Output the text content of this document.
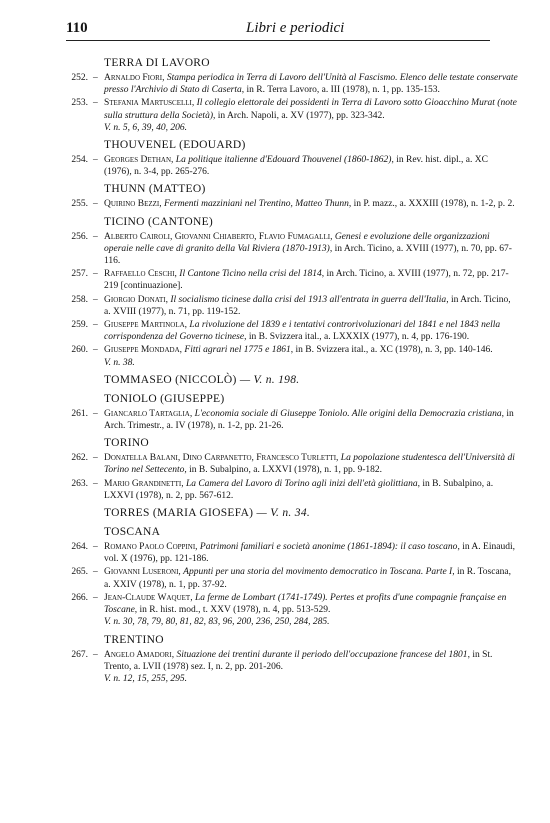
110	Libri e periodici
TERRA DI LAVORO
252. – Arnaldo Fiori, Stampa periodica in Terra di Lavoro dell'Unità al Fascismo. Elenco delle testate conservate presso l'Archivio di Stato di Caserta, in R. Terra Lavoro, a. III (1978), n. 1, pp. 135-153.
253. – Stefania Martuscelli, Il collegio elettorale dei possidenti in Terra di Lavoro sotto Gioacchino Murat (note sulla struttura della Società), in Arch. Napoli, a. XV (1977), pp. 323-342.
V. n. 5, 6, 39, 40, 206.
THOUVENEL (EDOUARD)
254. – Georges Dethan, La politique italienne d'Edouard Thouvenel (1860-1862), in Rev. hist. dipl., a. XC (1976), n. 3-4, pp. 265-276.
THUNN (MATTEO)
255. – Quirino Bezzi, Fermenti mazziniani nel Trentino, Matteo Thunn, in P. mazz., a. XXXIII (1978), n. 1-2, p. 2.
TICINO (CANTONE)
256. – Alberto Cairoli, Giovanni Chiaberto, Flavio Fumagalli, Genesi e evoluzione delle organizzazioni operaie nelle cave di granito della Val Riviera (1870-1913), in Arch. Ticino, a. XVIII (1977), n. 70, pp. 67-116.
257. – Raffaello Ceschi, Il Cantone Ticino nella crisi del 1814, in Arch. Ticino, a. XVIII (1977), n. 72, pp. 217-219 [continuazione].
258. – Giorgio Donati, Il socialismo ticinese dalla crisi del 1913 all'entrata in guerra dell'Italia, in Arch. Ticino, a. XVIII (1977), n. 71, pp. 119-152.
259. – Giuseppe Martinola, La rivoluzione del 1839 e i tentativi controrivoluzionari del 1841 e nel 1843 nella corrispondenza del Governo ticinese, in B. Svizzera ital., a. LXXXIX (1977), n. 4, pp. 176-190.
260. – Giuseppe Mondada, Fitti agrari nel 1775 e 1861, in B. Svizzera ital., a. XC (1978), n. 3, pp. 140-146.
V. n. 38.
TOMMASEO (NICCOLÒ) — V. n. 198.
TONIOLO (GIUSEPPE)
261. – Giancarlo Tartaglia, L'economia sociale di Giuseppe Toniolo. Alle origini della Democrazia cristiana, in Arch. Trimestr., a. IV (1978), n. 1-2, pp. 21-26.
TORINO
262. – Donatella Balani, Dino Carpanetto, Francesco Turletti, La popolazione studentesca dell'Università di Torino nel Settecento, in B. Subalpino, a. LXXVI (1978), n. 1, pp. 9-182.
263. – Mario Grandinetti, La Camera del Lavoro di Torino agli inizi dell'età giolittiana, in B. Subalpino, a. LXXVI (1978), n. 2, pp. 567-612.
TORRES (MARIA GIOSEFA) — V. n. 34.
TOSCANA
264. – Romano Paolo Coppini, Patrimoni familiari e società anonime (1861-1894): il caso toscano, in A. Einaudi, vol. X (1976), pp. 121-186.
265. – Giovanni Luseroni, Appunti per una storia del movimento democratico in Toscana. Parte I, in R. Toscana, a. XXIV (1978), n. 1, pp. 37-92.
266. – Jean-Claude Waquet, La ferme de Lombart (1741-1749). Pertes et profits d'une compagnie française en Toscane, in R. hist. mod., t. XXV (1978), n. 4, pp. 513-529.
V. n. 30, 78, 79, 80, 81, 82, 83, 96, 200, 236, 250, 284, 285.
TRENTINO
267. – Angelo Amadori, Situazione dei trentini durante il periodo dell'occupazione francese del 1801, in St. Trento, a. LVII (1978) sez. I, n. 2, pp. 201-206.
V. n. 12, 15, 255, 295.
